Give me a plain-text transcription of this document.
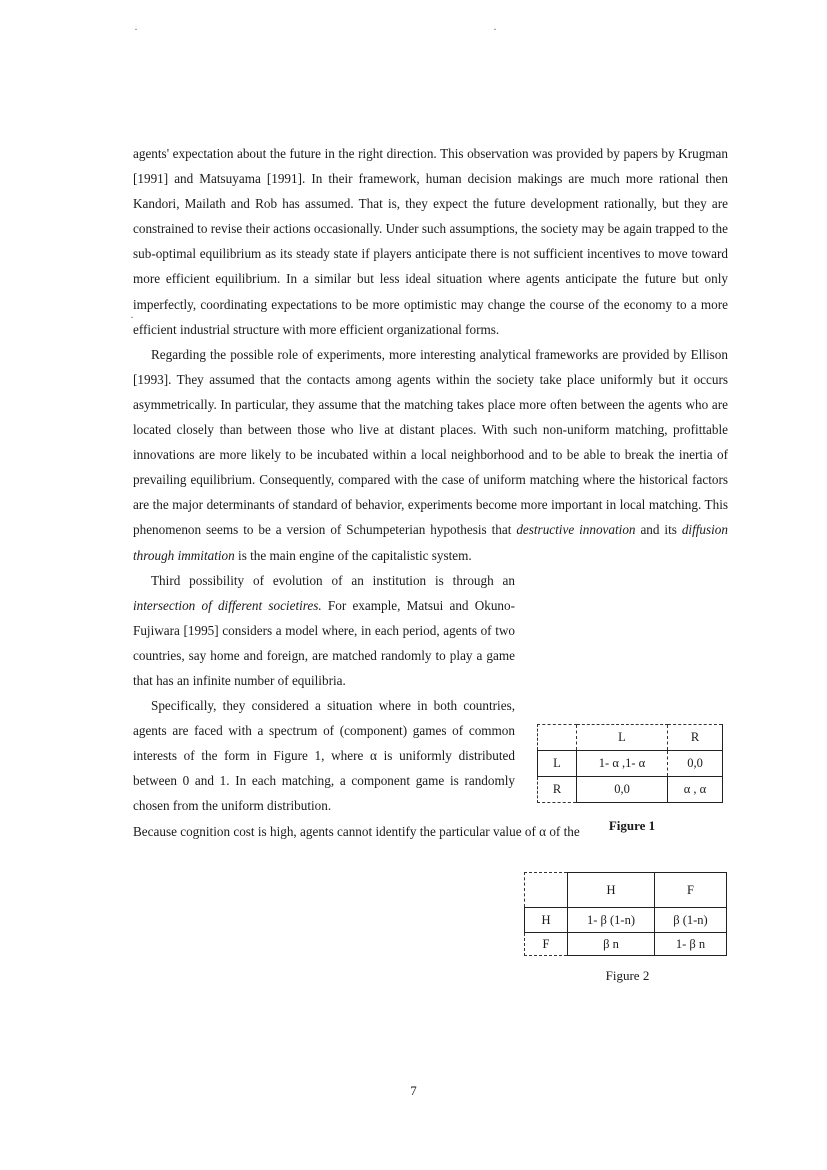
·	·
·

agents' expectation about the future in the right direction. This observation was provided by papers by Krugman [1991] and Matsuyama [1991]. In their framework, human decision makings are much more rational then Kandori, Mailath and Rob has assumed. That is, they expect the future development rationally, but they are constrained to revise their actions occasionally. Under such assumptions, the society may be again trapped to the sub-optimal equilibrium as its steady state if players anticipate there is not sufficient incentives to move toward more efficient equilibrium. In a similar but less ideal situation where agents anticipate the future but only imperfectly, coordinating expectations to be more optimistic may change the course of the economy to a more efficient industrial structure with more efficient organizational forms.

Regarding the possible role of experiments, more interesting analytical frameworks are provided by Ellison [1993]. They assumed that the contacts among agents within the society take place uniformly but it occurs asymmetrically. In particular, they assume that the matching takes place more often between the agents who are located closely than between those who live at distant places. With such non-uniform matching, profittable innovations are more likely to be incubated within a local neighborhood and to be able to break the inertia of prevailing equilibrium. Consequently, compared with the case of uniform matching where the historical factors are the major determinants of standard of behavior, experiments become more important in local matching. This phenomenon seems to be a version of Schumpeterian hypothesis that destructive innovation and its diffusion through immitation is the main engine of the capitalistic system.

Third possibility of evolution of an institution is through an intersection of different societires. For example, Matsui and Okuno-Fujiwara [1995] considers a model where, in each period, agents of two countries, say home and foreign, are matched randomly to play a game that has an infinite number of equilibria.

Specifically, they considered a situation where in both countries, agents are faced with a spectrum of (component) games of common interests of the form in Figure 1, where α is uniformly distributed between 0 and 1. In each matching, a component game is randomly chosen from the uniform distribution.

Because cognition cost is high, agents cannot identify the particular value of α of the

	L	R
L	1- α ,1- α	0,0
R	0,0	α , α
Figure 1
	H	F
H	1- β (1-n)	β (1-n)
F	β n	1- β n
Figure 2
7
